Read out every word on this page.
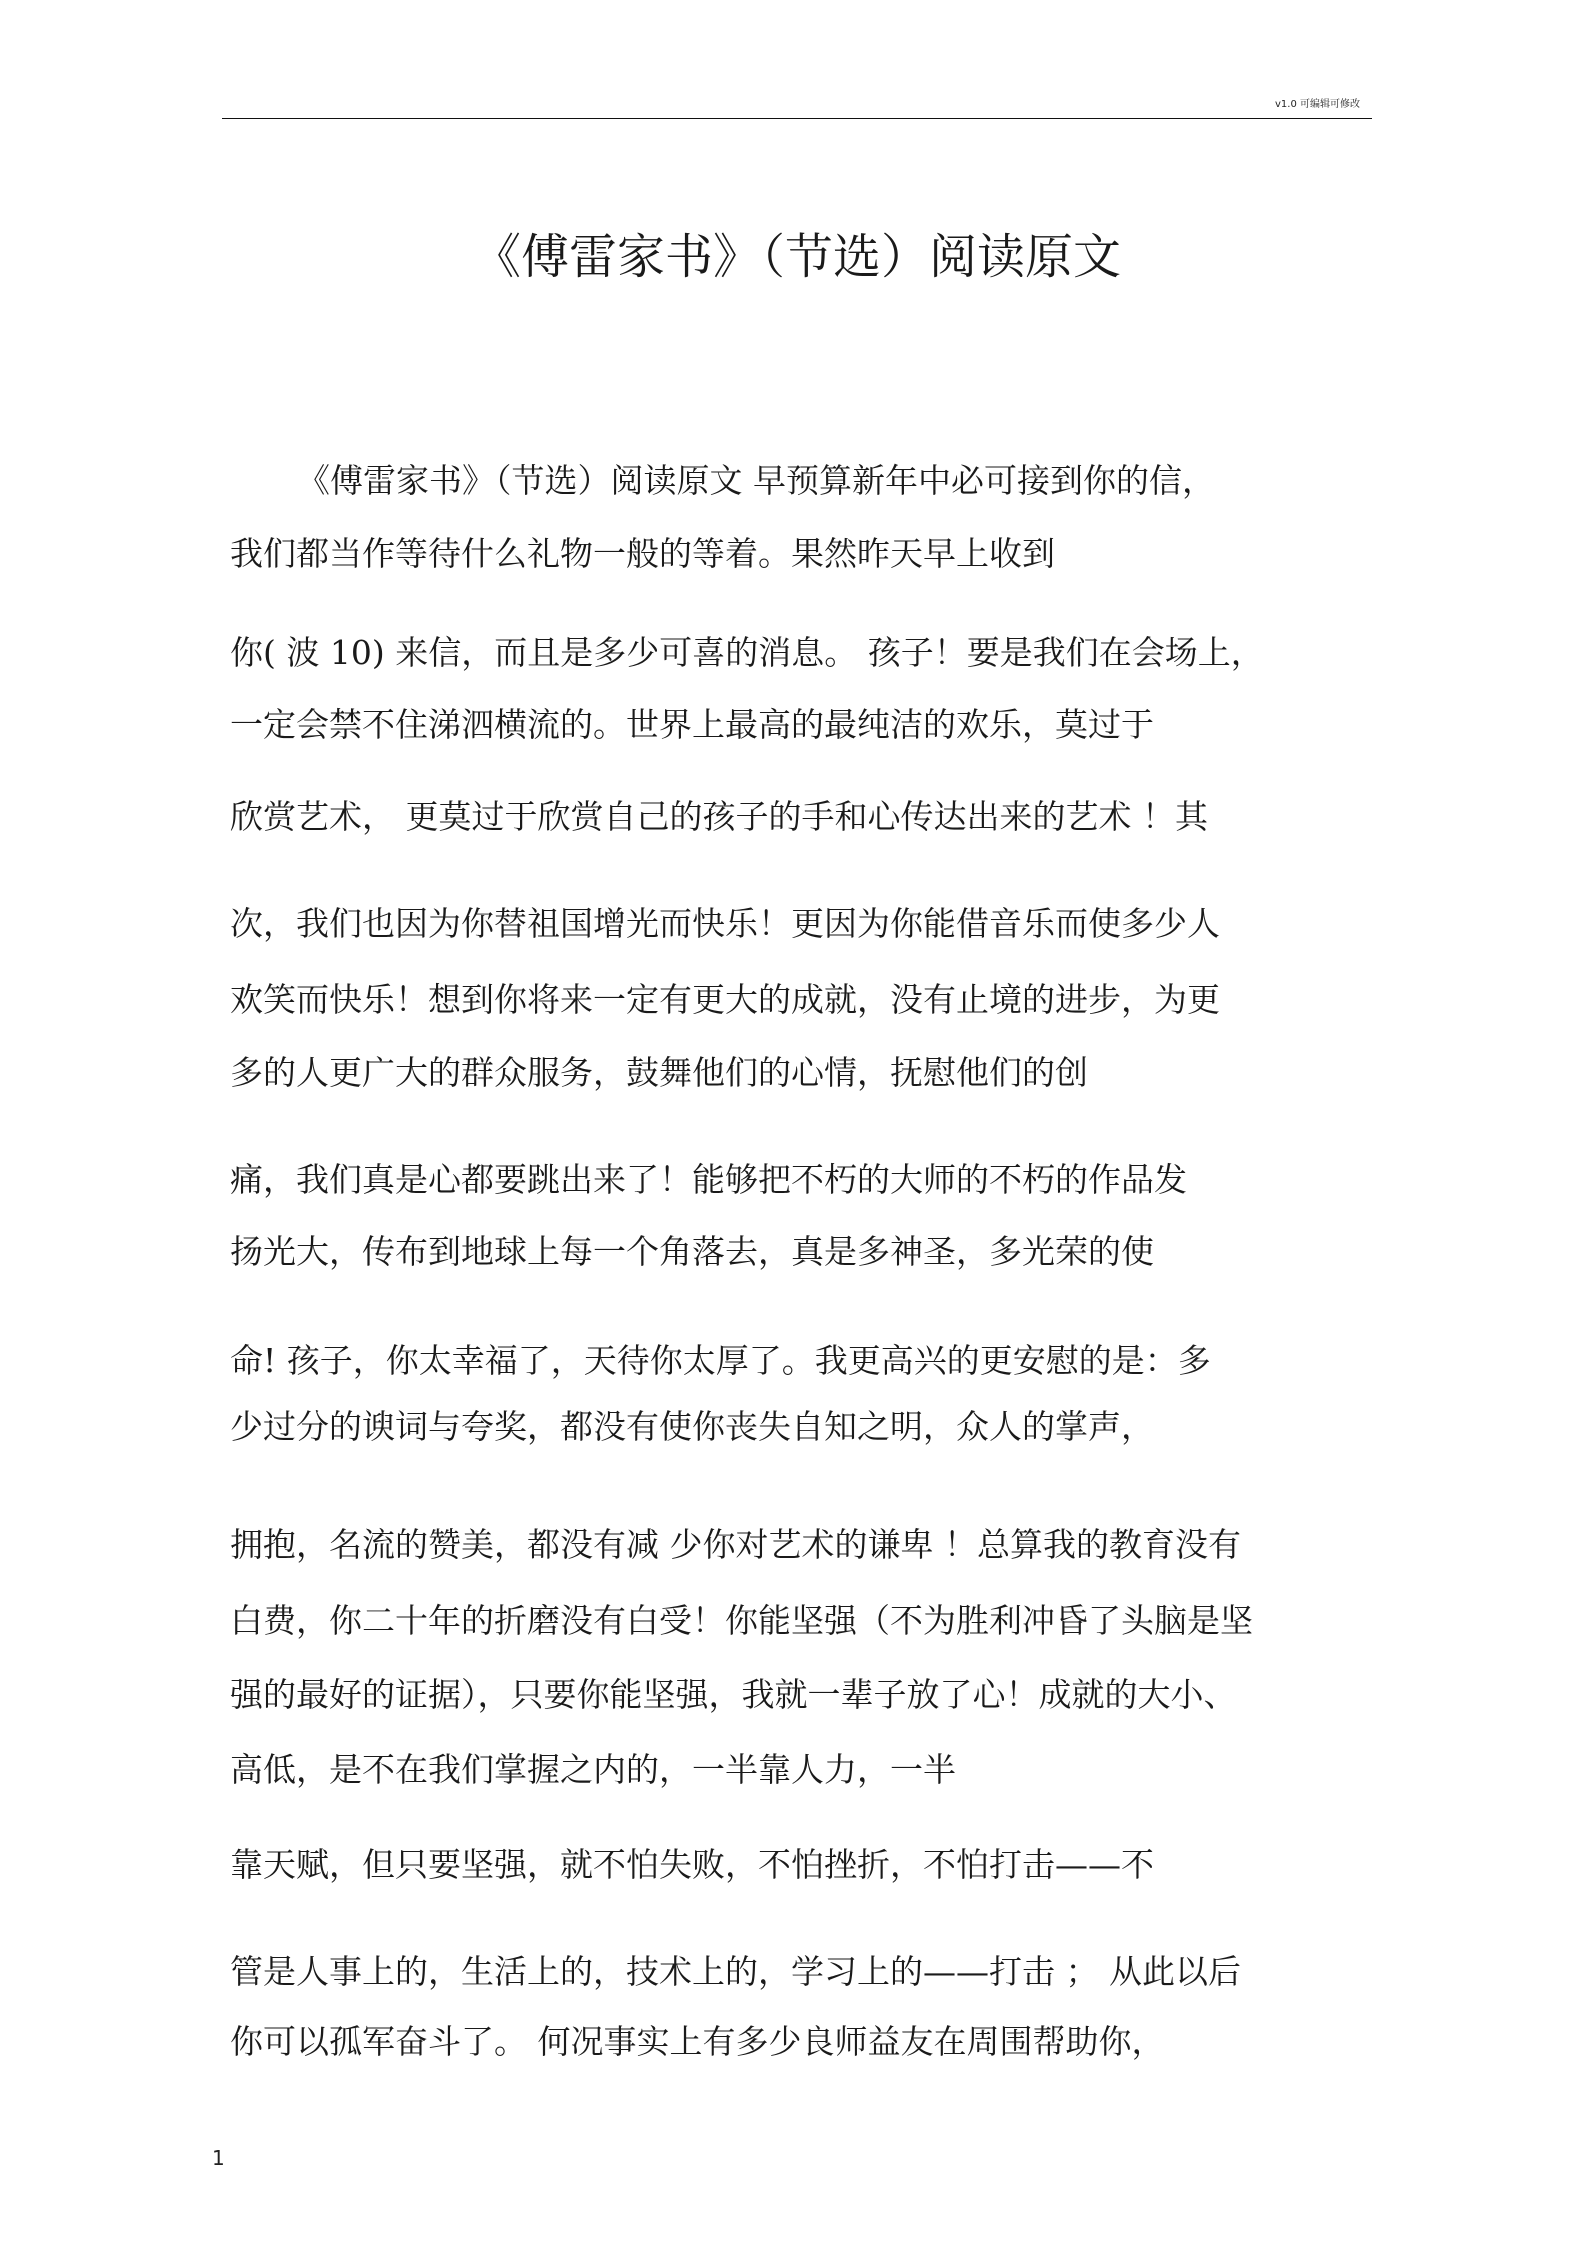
v1.0 可编辑可修改
《傅雷家书》（节选）阅读原文
《傅雷家书》（节选）阅读原文 早预算新年中必可接到你的信，
我们都当作等待什么礼物一般的等着。果然昨天早上收到
你( 波 10) 来信，而且是多少可喜的消息。 孩子！要是我们在会场上，
一定会禁不住涕泗横流的。世界上最高的最纯洁的欢乐，莫过于
欣赏艺术， 更莫过于欣赏自己的孩子的手和心传达出来的艺术 ！其
次，我们也因为你替祖国增光而快乐！更因为你能借音乐而使多少人
欢笑而快乐！想到你将来一定有更大的成就，没有止境的进步，为更
多的人更广大的群众服务，鼓舞他们的心情，抚慰他们的创
痛，我们真是心都要跳出来了！能够把不朽的大师的不朽的作品发
扬光大，传布到地球上每一个角落去，真是多神圣，多光荣的使
命! 孩子，你太幸福了，天待你太厚了。我更高兴的更安慰的是：多
少过分的谀词与夸奖，都没有使你丧失自知之明，众人的掌声，
拥抱，名流的赞美，都没有减 少你对艺术的谦卑 ！总算我的教育没有
白费，你二十年的折磨没有白受！你能坚强（不为胜利冲昏了头脑是坚
强的最好的证据），只要你能坚强，我就一辈子放了心！成就的大小、
高低，是不在我们掌握之内的，一半靠人力，一半
靠天赋，但只要坚强，就不怕失败，不怕挫折，不怕打击——不
管是人事上的，生活上的，技术上的，学习上的——打击 ； 从此以后
你可以孤军奋斗了。 何况事实上有多少良师益友在周围帮助你，
1
